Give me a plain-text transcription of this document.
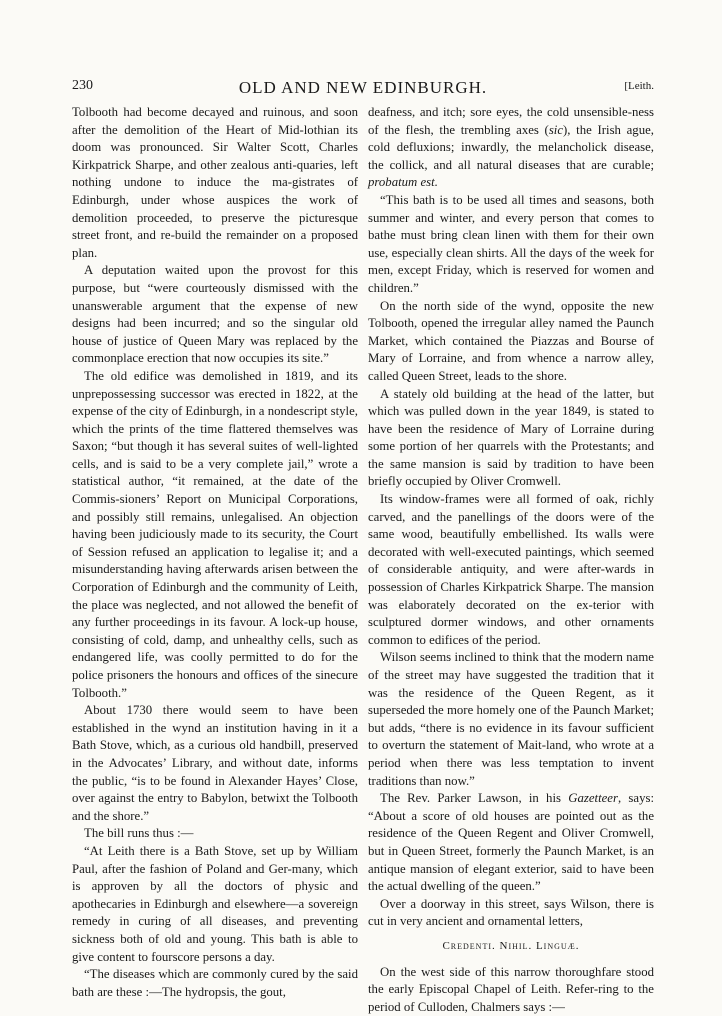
230	OLD AND NEW EDINBURGH.	[Leith.

Tolbooth had become decayed and ruinous, and soon after the demolition of the Heart of Mid-lothian its doom was pronounced. Sir Walter Scott, Charles Kirkpatrick Sharpe, and other zealous anti-quaries, left nothing undone to induce the ma-gistrates of Edinburgh, under whose auspices the work of demolition proceeded, to preserve the picturesque street front, and re-build the remainder on a proposed plan.

A deputation waited upon the provost for this purpose, but “were courteously dismissed with the unanswerable argument that the expense of new designs had been incurred; and so the singular old house of justice of Queen Mary was replaced by the commonplace erection that now occupies its site.”

The old edifice was demolished in 1819, and its unprepossessing successor was erected in 1822, at the expense of the city of Edinburgh, in a nondescript style, which the prints of the time flattered themselves was Saxon; “but though it has several suites of well-lighted cells, and is said to be a very complete jail,” wrote a statistical author, “it remained, at the date of the Commis-sioners’ Report on Municipal Corporations, and possibly still remains, unlegalised. An objection having been judiciously made to its security, the Court of Session refused an application to legalise it; and a misunderstanding having afterwards arisen between the Corporation of Edinburgh and the community of Leith, the place was neglected, and not allowed the benefit of any further proceedings in its favour. A lock-up house, consisting of cold, damp, and unhealthy cells, such as endangered life, was coolly permitted to do for the police prisoners the honours and offices of the sinecure Tolbooth.”

About 1730 there would seem to have been established in the wynd an institution having in it a Bath Stove, which, as a curious old handbill, preserved in the Advocates’ Library, and without date, informs the public, “is to be found in Alexander Hayes’ Close, over against the entry to Babylon, betwixt the Tolbooth and the shore.”

The bill runs thus :—

“At Leith there is a Bath Stove, set up by William Paul, after the fashion of Poland and Ger-many, which is approven by all the doctors of physic and apothecaries in Edinburgh and elsewhere—a sovereign remedy in curing of all diseases, and preventing sickness both of old and young. This bath is able to give content to fourscore persons a day.

“The diseases which are commonly cured by the said bath are these :—The hydropsis, the gout,

deafness, and itch; sore eyes, the cold unsensible-ness of the flesh, the trembling axes (sic), the Irish ague, cold defluxions; inwardly, the melancholick disease, the collick, and all natural diseases that are curable; probatum est.

“This bath is to be used all times and seasons, both summer and winter, and every person that comes to bathe must bring clean linen with them for their own use, especially clean shirts. All the days of the week for men, except Friday, which is reserved for women and children.”

On the north side of the wynd, opposite the new Tolbooth, opened the irregular alley named the Paunch Market, which contained the Piazzas and Bourse of Mary of Lorraine, and from whence a narrow alley, called Queen Street, leads to the shore.

A stately old building at the head of the latter, but which was pulled down in the year 1849, is stated to have been the residence of Mary of Lorraine during some portion of her quarrels with the Protestants; and the same mansion is said by tradition to have been briefly occupied by Oliver Cromwell.

Its window-frames were all formed of oak, richly carved, and the panellings of the doors were of the same wood, beautifully embellished. Its walls were decorated with well-executed paintings, which seemed of considerable antiquity, and were after-wards in possession of Charles Kirkpatrick Sharpe. The mansion was elaborately decorated on the ex-terior with sculptured dormer windows, and other ornaments common to edifices of the period.

Wilson seems inclined to think that the modern name of the street may have suggested the tradition that it was the residence of the Queen Regent, as it superseded the more homely one of the Paunch Market; but adds, “there is no evidence in its favour sufficient to overturn the statement of Mait-land, who wrote at a period when there was less temptation to invent traditions than now.”

The Rev. Parker Lawson, in his Gazetteer, says: “About a score of old houses are pointed out as the residence of the Queen Regent and Oliver Cromwell, but in Queen Street, formerly the Paunch Market, is an antique mansion of elegant exterior, said to have been the actual dwelling of the queen.”

Over a doorway in this street, says Wilson, there is cut in very ancient and ornamental letters,

Credenti. Nihil. Linguæ.

On the west side of this narrow thoroughfare stood the early Episcopal Chapel of Leith. Refer-ring to the period of Culloden, Chalmers says :—
